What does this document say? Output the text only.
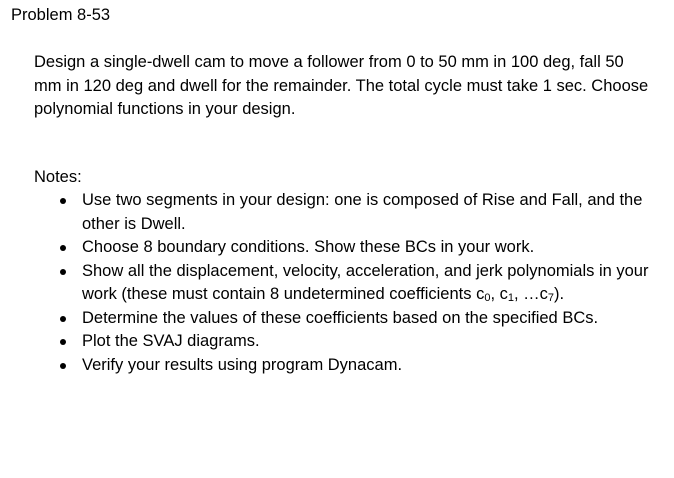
Problem 8-53
Design a single-dwell cam to move a follower from 0 to 50 mm in 100 deg, fall 50 mm in 120 deg and dwell for the remainder. The total cycle must take 1 sec. Choose polynomial functions in your design.
Notes:
Use two segments in your design: one is composed of Rise and Fall, and the other is Dwell.
Choose 8 boundary conditions. Show these BCs in your work.
Show all the displacement, velocity, acceleration, and jerk polynomials in your work (these must contain 8 undetermined coefficients c0, c1, …c7).
Determine the values of these coefficients based on the specified BCs.
Plot the SVAJ diagrams.
Verify your results using program Dynacam.
